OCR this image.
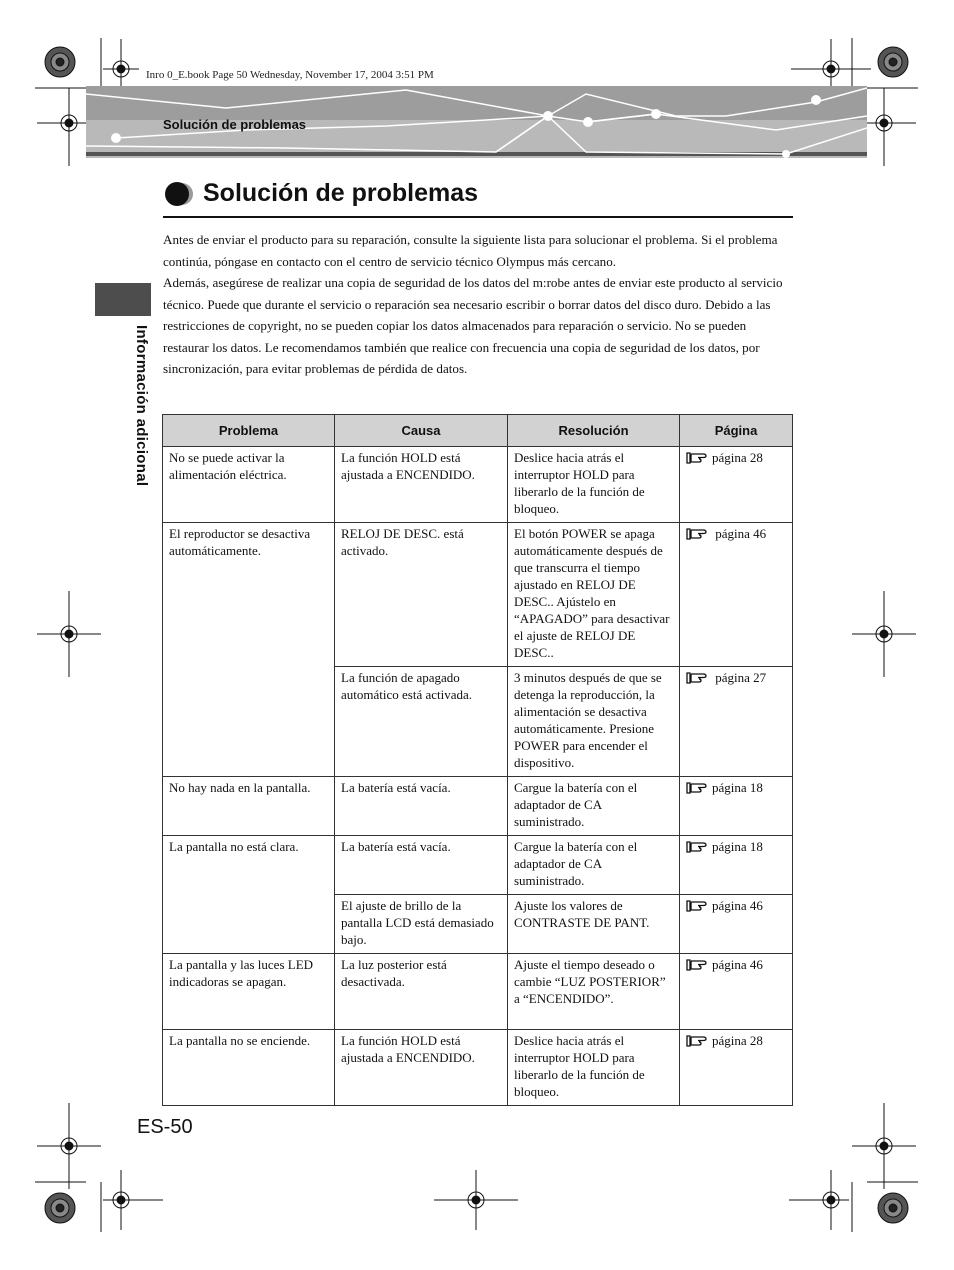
Inro 0_E.book Page 50 Wednesday, November 17, 2004 3:51 PM
Solución de problemas
Solución de problemas
Información adicional

Antes de enviar el producto para su reparación, consulte la siguiente lista para solucionar el problema. Si el problema continúa, póngase en contacto con el centro de servicio técnico Olympus más cercano.

Además, asegúrese de realizar una copia de seguridad de los datos del m:robe antes de enviar este producto al servicio técnico. Puede que durante el servicio o reparación sea necesario escribir o borrar datos del disco duro. Debido a las restricciones de copyright, no se pueden copiar los datos almacenados para reparación o servicio. No se pueden restaurar los datos. Le recomendamos también que realice con frecuencia una copia de seguridad de los datos, por sincronización, para evitar problemas de pérdida de datos.

Problema	Causa	Resolución	Página
No se puede activar la alimentación eléctrica.	La función HOLD está ajustada a ENCENDIDO.	Deslice hacia atrás el interruptor HOLD para liberarlo de la función de bloqueo.	página 28
El reproductor se desactiva automáticamente.	RELOJ DE DESC. está activado.	El botón POWER se apaga automáticamente después de que transcurra el tiempo ajustado en RELOJ DE DESC.. Ajústelo en “APAGADO” para desactivar el ajuste de RELOJ DE DESC..	página 46
	La función de apagado automático está activada.	3 minutos después de que se detenga la reproducción, la alimentación se desactiva automáticamente. Presione POWER para encender el dispositivo.	página 27
No hay nada en la pantalla.	La batería está vacía.	Cargue la batería con el adaptador de CA suministrado.	página 18
La pantalla no está clara.	La batería está vacía.	Cargue la batería con el adaptador de CA suministrado.	página 18
	El ajuste de brillo de la pantalla LCD está demasiado bajo.	Ajuste los valores de CONTRASTE DE PANT.	página 46
La pantalla y las luces LED indicadoras se apagan.	La luz posterior está desactivada.	Ajuste el tiempo deseado o cambie “LUZ POSTERIOR” a “ENCENDIDO”.	página 46
La pantalla no se enciende.	La función HOLD está ajustada a ENCENDIDO.	Deslice hacia atrás el interruptor HOLD para liberarlo de la función de bloqueo.	página 28
ES-50
